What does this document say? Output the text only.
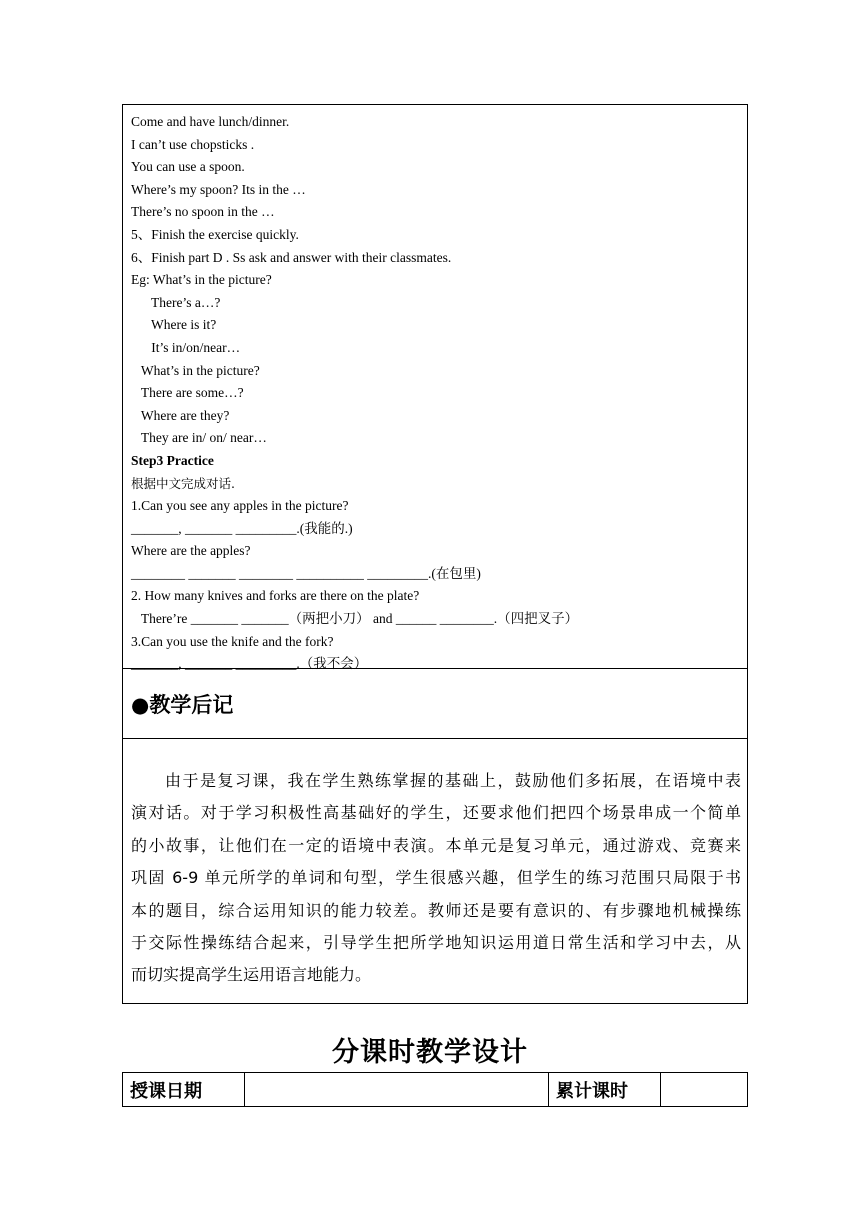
Come and have lunch/dinner.
I can’t use chopsticks .
You can use a spoon.
Where’s my spoon? Its in the …
There’s no spoon in the …
5、Finish the exercise quickly.
6、Finish part D . Ss ask and answer with their classmates.
Eg: What’s in the picture?
There’s a…?
Where is it?
It’s in/on/near…
What’s in the picture?
There are some…?
Where are they?
They are in/ on/ near…
Step3 Practice
根据中文完成对话.
1.Can you see any apples in the picture?
_______, _______ _________.(我能的.)
Where are the apples?
________ _______ ________ __________ _________.(在包里)
2. How many knives and forks are there on the plate?
There’re _______ _______（两把小刀） and ______ ________.（四把叉子）
3.Can you use the knife and the fork?
_______, _______ _________.（我不会）
●教学后记
由于是复习课，我在学生熟练掌握的基础上，鼓励他们多拓展，在语境中表
演对话。对于学习积极性高基础好的学生，还要求他们把四个场景串成一个简单
的小故事，让他们在一定的语境中表演。本单元是复习单元，通过游戏、竞赛来
巩固 6-9 单元所学的单词和句型，学生很感兴趣，但学生的练习范围只局限于书
本的题目，综合运用知识的能力较差。教师还是要有意识的、有步骤地机械操练
于交际性操练结合起来，引导学生把所学地知识运用道日常生活和学习中去，从
而切实提高学生运用语言地能力。
分课时教学设计
授课日期	累计课时
